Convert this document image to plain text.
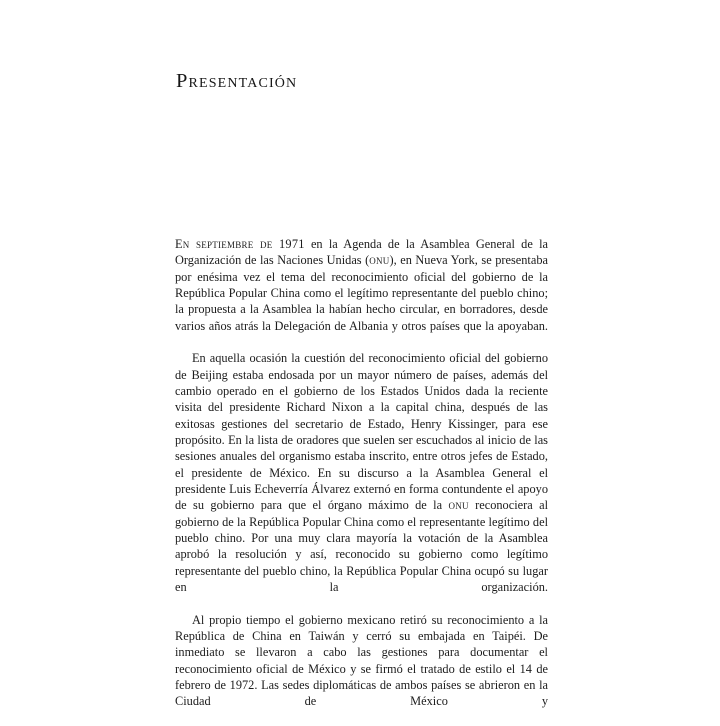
Presentación

En septiembre de 1971 en la Agenda de la Asamblea General de la Organización de las Naciones Unidas (onu), en Nueva York, se presentaba por enésima vez el tema del reconocimiento oficial del gobierno de la República Popular China como el legítimo representante del pueblo chino; la propuesta a la Asamblea la habían hecho circular, en borradores, desde varios años atrás la Delegación de Albania y otros países que la apoyaban.

En aquella ocasión la cuestión del reconocimiento oficial del gobierno de Beijing estaba endosada por un mayor número de países, además del cambio operado en el gobierno de los Estados Unidos dada la reciente visita del presidente Richard Nixon a la capital china, después de las exitosas gestiones del secretario de Estado, Henry Kissinger, para ese propósito. En la lista de oradores que suelen ser escuchados al inicio de las sesiones anuales del organismo estaba inscrito, entre otros jefes de Estado, el presidente de México. En su discurso a la Asamblea General el presidente Luis Echeverría Álvarez externó en forma contundente el apoyo de su gobierno para que el órgano máximo de la onu reconociera al gobierno de la República Popular China como el representante legítimo del pueblo chino. Por una muy clara mayoría la votación de la Asamblea aprobó la resolución y así, reconocido su gobierno como legítimo representante del pueblo chino, la República Popular China ocupó su lugar en la organización.

Al propio tiempo el gobierno mexicano retiró su reconocimiento a la República de China en Taiwán y cerró su embajada en Taipéi. De inmediato se llevaron a cabo las gestiones para documentar el reconocimiento oficial de México y se firmó el tratado de estilo el 14 de febrero de 1972. Las sedes diplomáticas de ambos países se abrieron en la Ciudad de México y
